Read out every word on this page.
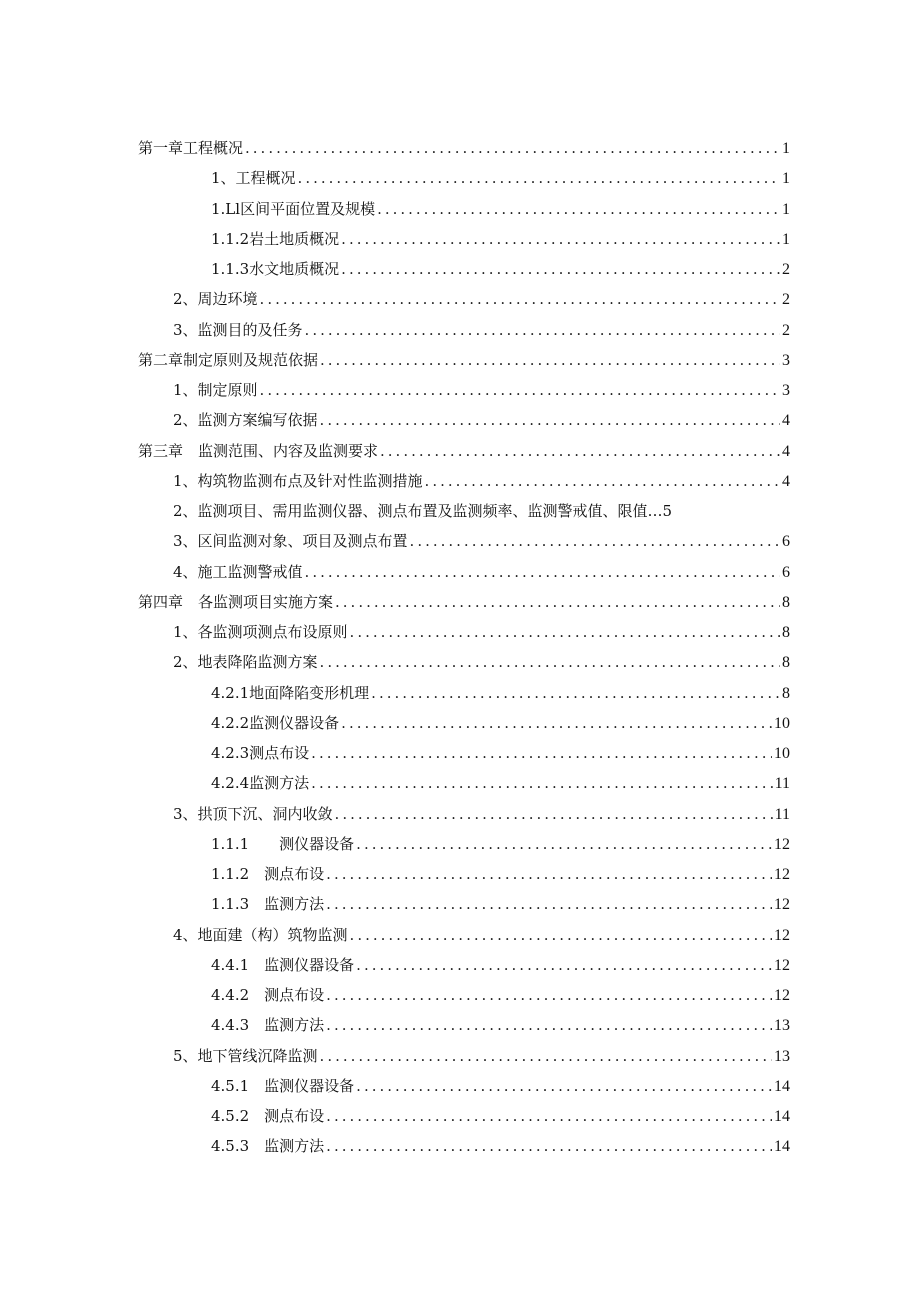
第一章工程概况 .....	1
1、工程概况 .....	1
1.Ll区间平面位置及规模 .....	1
1.1.2岩土地质概况 .....	1
1.1.3水文地质概况 .....	2
2、周边环境 .....	2
3、监测目的及任务 .....	2
第二章制定原则及规范依据 .....	3
1、制定原则 .....	3
2、监测方案编写依据 .....	4
第三章　监测范围、内容及监测要求 .....	4
1、构筑物监测布点及针对性监测措施 .....	4
2、监测项目、需用监测仪器、测点布置及监测频率、监测警戒值、限值…5
3、区间监测对象、项目及测点布置 .....	6
4、施工监测警戒值 .....	6
第四章　各监测项目实施方案 .....	8
1、各监测项测点布设原则 .....	8
2、地表降陷监测方案 .....	8
4.2.1地面降陷变形机理 .....	8
4.2.2监测仪器设备 .....	10
4.2.3测点布设 .....	10
4.2.4监测方法 .....	11
3、拱顶下沉、洞内收敛 .....	11
1.1.1　　测仪器设备 .....	12
1.1.2　测点布设 .....	12
1.1.3　监测方法 .....	12
4、地面建（构）筑物监测 .....	12
4.4.1　监测仪器设备 .....	12
4.4.2　测点布设 .....	12
4.4.3　监测方法 .....	13
5、地下管线沉降监测 .....	13
4.5.1　监测仪器设备 .....	14
4.5.2　测点布设 .....	14
4.5.3　监测方法 .....	14
